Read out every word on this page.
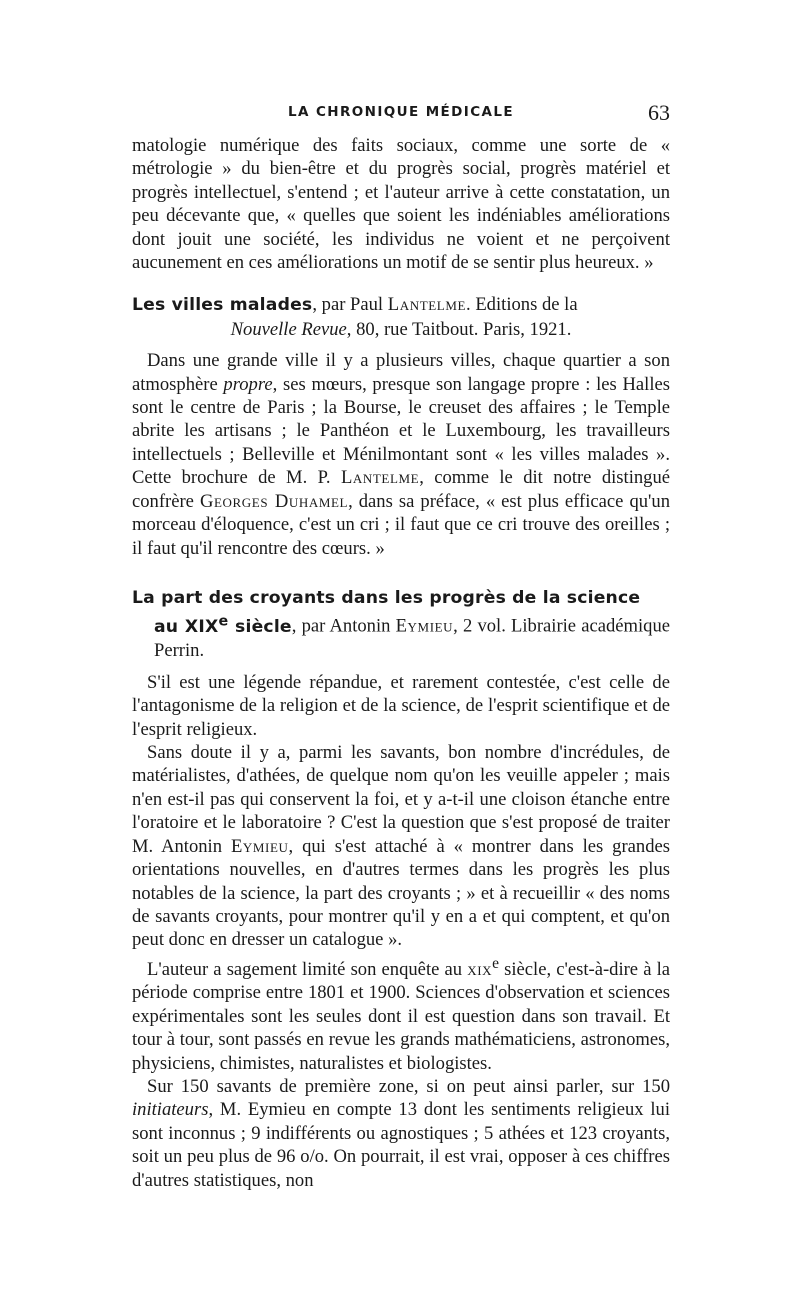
LA CHRONIQUE MÉDICALE	63

matologie numérique des faits sociaux, comme une sorte de « métrologie » du bien-être et du progrès social, progrès matériel et progrès intellectuel, s'entend ; et l'auteur arrive à cette constatation, un peu décevante que, « quelles que soient les indéniables améliorations dont jouit une société, les individus ne voient et ne perçoivent aucunement en ces améliorations un motif de se sentir plus heureux. »

Les villes malades, par Paul Lantelme. Editions de la

Nouvelle Revue, 80, rue Taitbout. Paris, 1921.

Dans une grande ville il y a plusieurs villes, chaque quartier a son atmosphère propre, ses mœurs, presque son langage propre : les Halles sont le centre de Paris ; la Bourse, le creuset des affaires ; le Temple abrite les artisans ; le Panthéon et le Luxembourg, les travailleurs intellectuels ; Belleville et Ménilmontant sont « les villes malades ». Cette brochure de M. P. Lantelme, comme le dit notre distingué confrère Georges Duhamel, dans sa préface, « est plus efficace qu'un morceau d'éloquence, c'est un cri ; il faut que ce cri trouve des oreilles ; il faut qu'il rencontre des cœurs. »

La part des croyants dans les progrès de la science

au XIXe siècle, par Antonin Eymieu, 2 vol. Librairie académique Perrin.

S'il est une légende répandue, et rarement contestée, c'est celle de l'antagonisme de la religion et de la science, de l'esprit scientifique et de l'esprit religieux.

Sans doute il y a, parmi les savants, bon nombre d'incrédules, de matérialistes, d'athées, de quelque nom qu'on les veuille appeler ; mais n'en est-il pas qui conservent la foi, et y a-t-il une cloison étanche entre l'oratoire et le laboratoire ? C'est la question que s'est proposé de traiter M. Antonin Eymieu, qui s'est attaché à « montrer dans les grandes orientations nouvelles, en d'autres termes dans les progrès les plus notables de la science, la part des croyants ; » et à recueillir « des noms de savants croyants, pour montrer qu'il y en a et qui comptent, et qu'on peut donc en dresser un catalogue ».

L'auteur a sagement limité son enquête au xix$^e$ siècle, c'est-à-dire à la période comprise entre 1801 et 1900. Sciences d'observation et sciences expérimentales sont les seules dont il est question dans son travail. Et tour à tour, sont passés en revue les grands mathématiciens, astronomes, physiciens, chimistes, naturalistes et biologistes.

Sur 150 savants de première zone, si on peut ainsi parler, sur 150 initiateurs, M. Eymieu en compte 13 dont les sentiments religieux lui sont inconnus ; 9 indifférents ou agnostiques ; 5 athées et 123 croyants, soit un peu plus de 96 o/o. On pourrait, il est vrai, opposer à ces chiffres d'autres statistiques, non
